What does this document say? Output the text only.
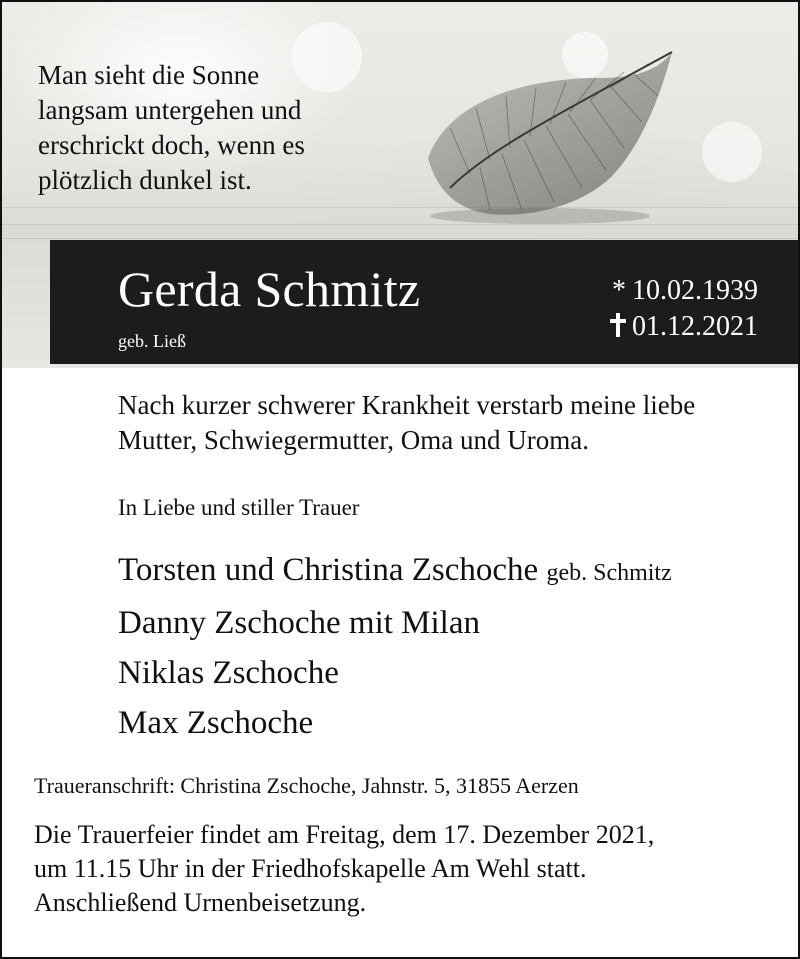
Man sieht die Sonne
langsam untergehen und
erschrickt doch, wenn es
plötzlich dunkel ist.
Gerda Schmitz
geb. Ließ
* 10.02.1939
01.12.2021
Nach kurzer schwerer Krankheit verstarb meine liebe
Mutter, Schwiegermutter, Oma und Uroma.
In Liebe und stiller Trauer
Torsten und Christina Zschoche geb. Schmitz
Danny Zschoche mit Milan
Niklas Zschoche
Max Zschoche
Traueranschrift: Christina Zschoche, Jahnstr. 5, 31855 Aerzen
Die Trauerfeier findet am Freitag, dem 17. Dezember 2021,
um 11.15 Uhr in der Friedhofskapelle Am Wehl statt.
Anschließend Urnenbeisetzung.
